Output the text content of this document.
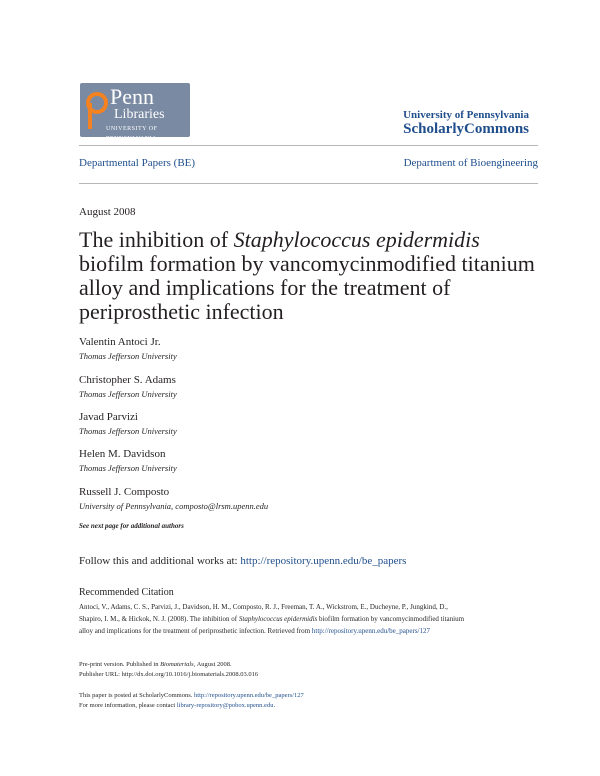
Penn
Libraries
UNIVERSITY OF PENNSYLVANIA
University of Pennsylvania
ScholarlyCommons
Departmental Papers (BE)	Department of Bioengineering
August 2008
The inhibition of Staphylococcus epidermidis biofilm formation by vancomycinmodified titanium alloy and implications for the treatment of periprosthetic infection
Valentin Antoci Jr.
Thomas Jefferson University
Christopher S. Adams
Thomas Jefferson University
Javad Parvizi
Thomas Jefferson University
Helen M. Davidson
Thomas Jefferson University
Russell J. Composto
University of Pennsylvania, composto@lrsm.upenn.edu
See next page for additional authors
Follow this and additional works at: http://repository.upenn.edu/be_papers
Recommended Citation
Antoci, V., Adams, C. S., Parvizi, J., Davidson, H. M., Composto, R. J., Freeman, T. A., Wickstrom, E., Ducheyne, P., Jungkind, D.,
Shapiro, I. M., & Hickok, N. J. (2008). The inhibition of Staphylococcus epidermidis biofilm formation by vancomycinmodified titanium
alloy and implications for the treatment of periprosthetic infection. Retrieved from http://repository.upenn.edu/be_papers/127
Pre-print version. Published in Biomaterials, August 2008.
Publisher URL: http://dx.doi.org/10.1016/j.biomaterials.2008.03.016
This paper is posted at ScholarlyCommons. http://repository.upenn.edu/be_papers/127
For more information, please contact library-repository@pobox.upenn.edu.
